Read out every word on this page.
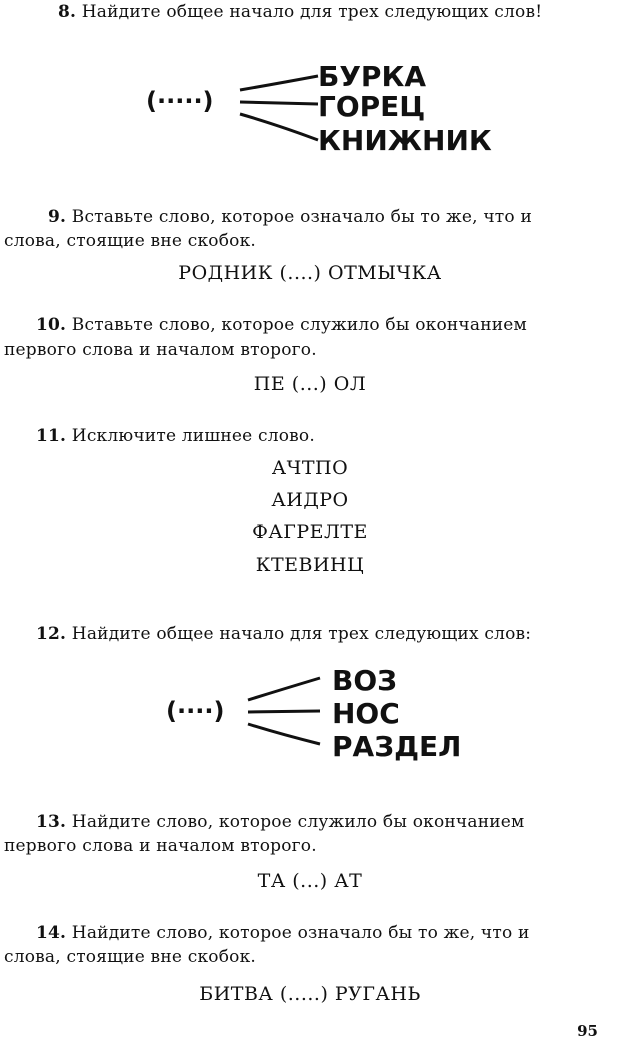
8. Найдите общее начало для трех следующих слов!
(·····)
БУРКА
ГОРЕЦ
КНИЖНИК
9. Вставьте слово, которое означало бы то же, что и
слова, стоящие вне скобок.
РОДНИК (....) ОТМЫЧКА
10. Вставьте слово, которое служило бы окончанием
первого слова и началом второго.
ПЕ (...) ОЛ
11. Исключите лишнее слово.
АЧТПО
АИДРО
ФАГРЕЛТЕ
КТЕВИНЦ
12. Найдите общее начало для трех следующих слов:
(····)
ВОЗ
НОС
РАЗДЕЛ
13. Найдите слово, которое служило бы окончанием
первого слова и началом второго.
ТА (...) АТ
14. Найдите слово, которое означало бы то же, что и
слова, стоящие вне скобок.
БИТВА (.....) РУГАНЬ
95
